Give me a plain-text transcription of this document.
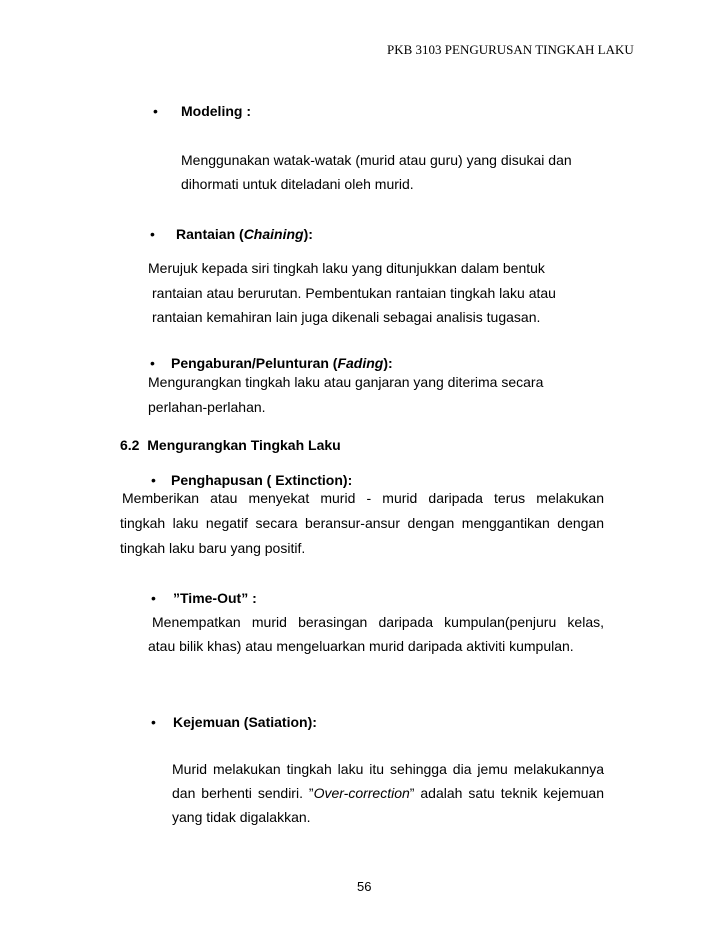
PKB 3103 PENGURUSAN TINGKAH LAKU
• Modeling :
Menggunakan watak-watak (murid atau guru) yang disukai dan
dihormati untuk diteladani oleh murid.
• Rantaian (Chaining):
Merujuk kepada siri tingkah laku yang ditunjukkan dalam bentuk
rantaian atau berurutan. Pembentukan rantaian tingkah laku atau
rantaian kemahiran lain juga dikenali sebagai analisis tugasan.
• Pengaburan/Pelunturan (Fading):
Mengurangkan tingkah laku atau ganjaran yang diterima secara
perlahan-perlahan.
6.2 Mengurangkan Tingkah Laku
• Penghapusan ( Extinction):
Memberikan atau menyekat murid - murid daripada terus melakukan
tingkah laku negatif secara beransur-ansur dengan menggantikan dengan
tingkah laku baru yang positif.
• ”Time-Out” :
Menempatkan murid berasingan daripada kumpulan(penjuru kelas,
atau bilik khas) atau mengeluarkan murid daripada aktiviti kumpulan.
• Kejemuan (Satiation):
Murid melakukan tingkah laku itu sehingga dia jemu melakukannya
dan berhenti sendiri. ”Over-correction” adalah satu teknik kejemuan
yang tidak digalakkan.
56
